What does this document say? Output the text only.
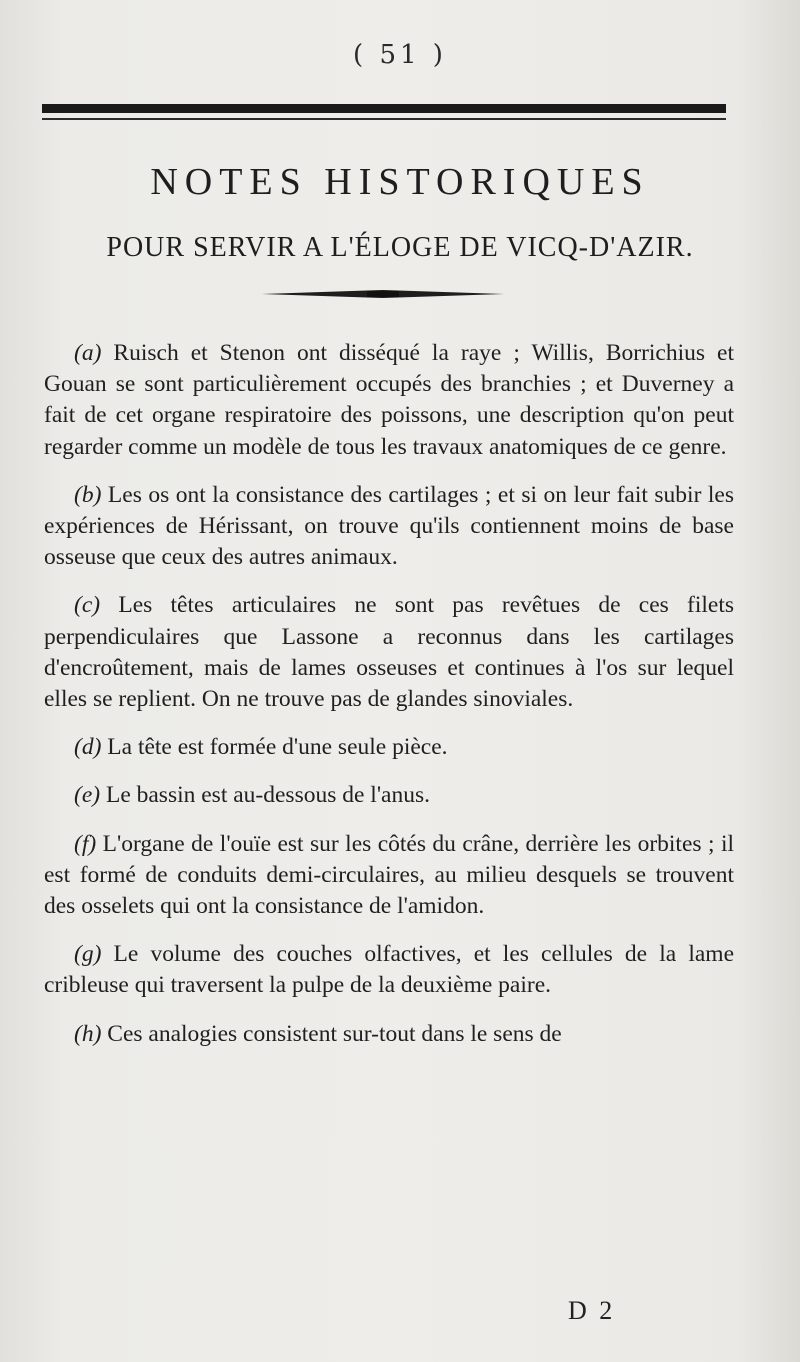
( 51 )
NOTES HISTORIQUES
POUR SERVIR A L'ÉLOGE DE VICQ-D'AZIR.

(a) Ruisch et Stenon ont disséqué la raye ; Willis, Borrichius et Gouan se sont particulièrement occupés des branchies ; et Duverney a fait de cet organe respiratoire des poissons, une description qu'on peut regarder comme un modèle de tous les travaux anatomiques de ce genre.

(b) Les os ont la consistance des cartilages ; et si on leur fait subir les expériences de Hérissant, on trouve qu'ils contiennent moins de base osseuse que ceux des autres animaux.

(c) Les têtes articulaires ne sont pas revêtues de ces filets perpendiculaires que Lassone a reconnus dans les cartilages d'encroûtement, mais de lames osseuses et continues à l'os sur lequel elles se replient. On ne trouve pas de glandes sinoviales.

(d) La tête est formée d'une seule pièce.

(e) Le bassin est au-dessous de l'anus.

(f) L'organe de l'ouïe est sur les côtés du crâne, derrière les orbites ; il est formé de conduits demi-circulaires, au milieu desquels se trouvent des osselets qui ont la consistance de l'amidon.

(g) Le volume des couches olfactives, et les cellules de la lame cribleuse qui traversent la pulpe de la deuxième paire.

(h) Ces analogies consistent sur-tout dans le sens de

D 2
